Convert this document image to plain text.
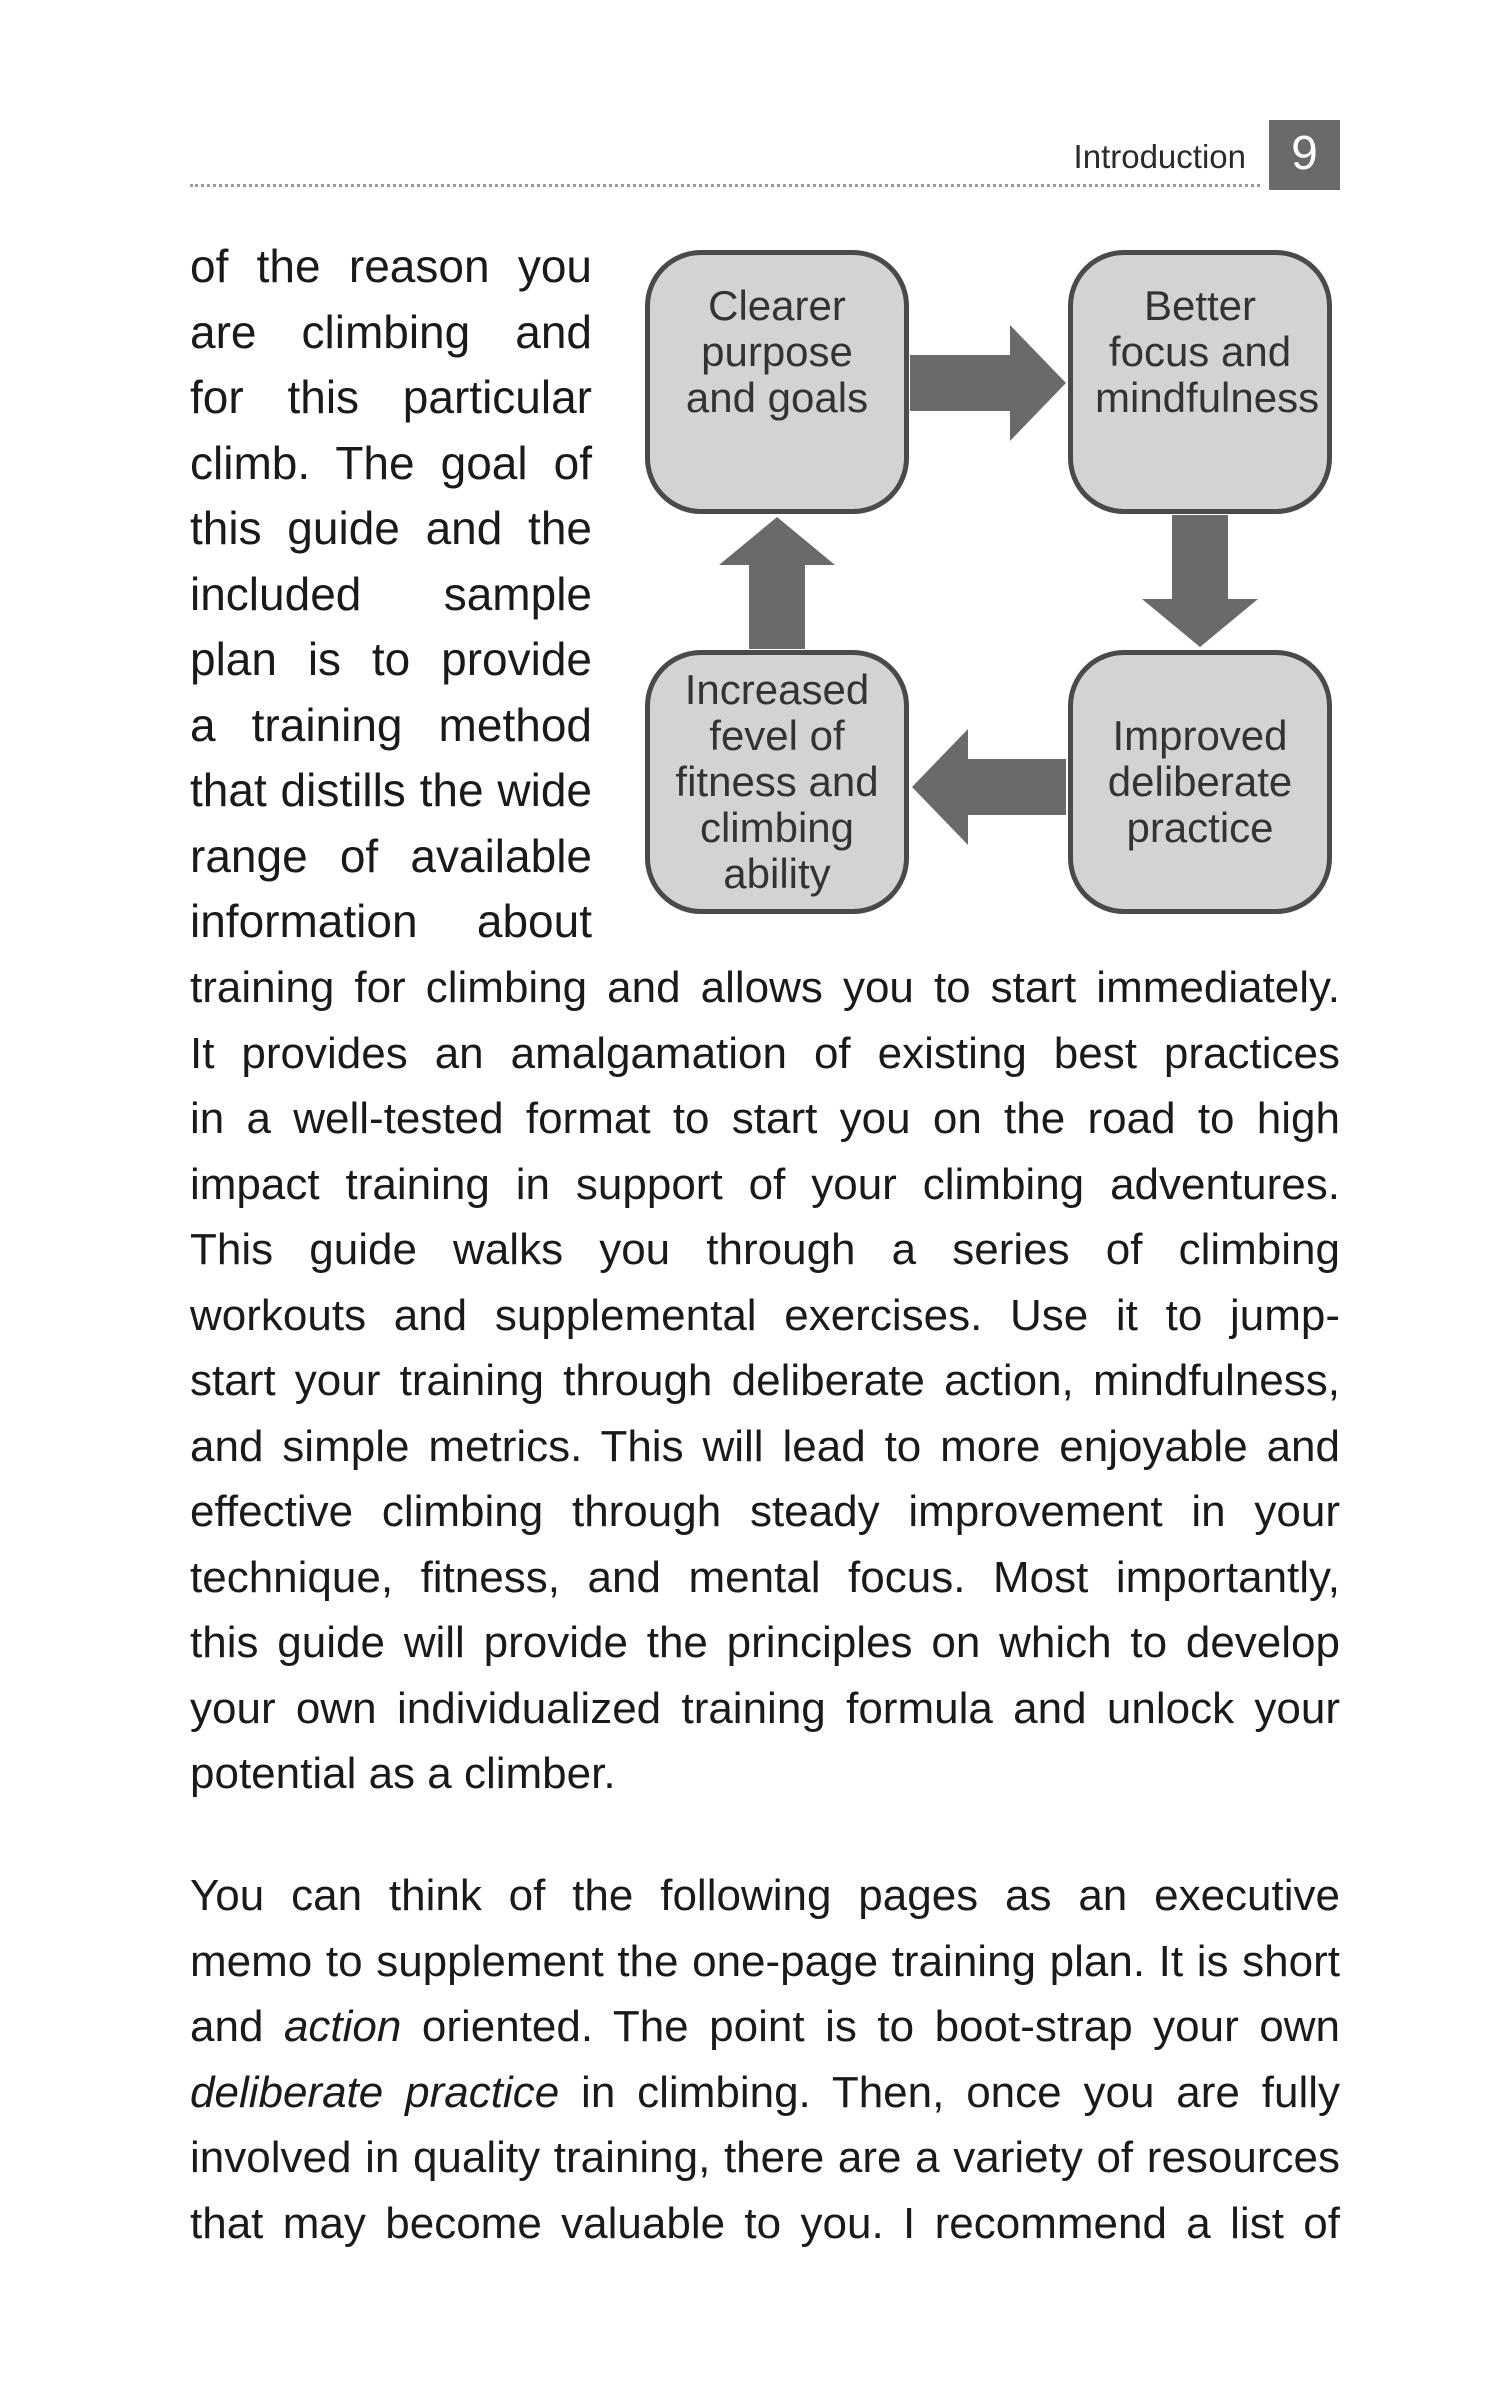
Introduction 9
of the reason you
are climbing and
for this particular
climb. The goal of
this guide and the
included sample
plan is to provide
a training method
that distills the wide
range of available
information about
Clearer purpose and goals
Better focus and mindfulness
Increased fevel of fitness and climbing ability
Improved deliberate practice
training for climbing and allows you to start immediately.
It provides an amalgamation of existing best practices
in a well-tested format to start you on the road to high
impact training in support of your climbing adventures.
This guide walks you through a series of climbing
workouts and supplemental exercises. Use it to jump-
start your training through deliberate action, mindfulness,
and simple metrics. This will lead to more enjoyable and
effective climbing through steady improvement in your
technique, fitness, and mental focus. Most importantly,
this guide will provide the principles on which to develop
your own individualized training formula and unlock your
potential as a climber.
You can think of the following pages as an executive
memo to supplement the one-page training plan. It is short
and action oriented. The point is to boot-strap your own
deliberate practice in climbing. Then, once you are fully
involved in quality training, there are a variety of resources
that may become valuable to you. I recommend a list of
